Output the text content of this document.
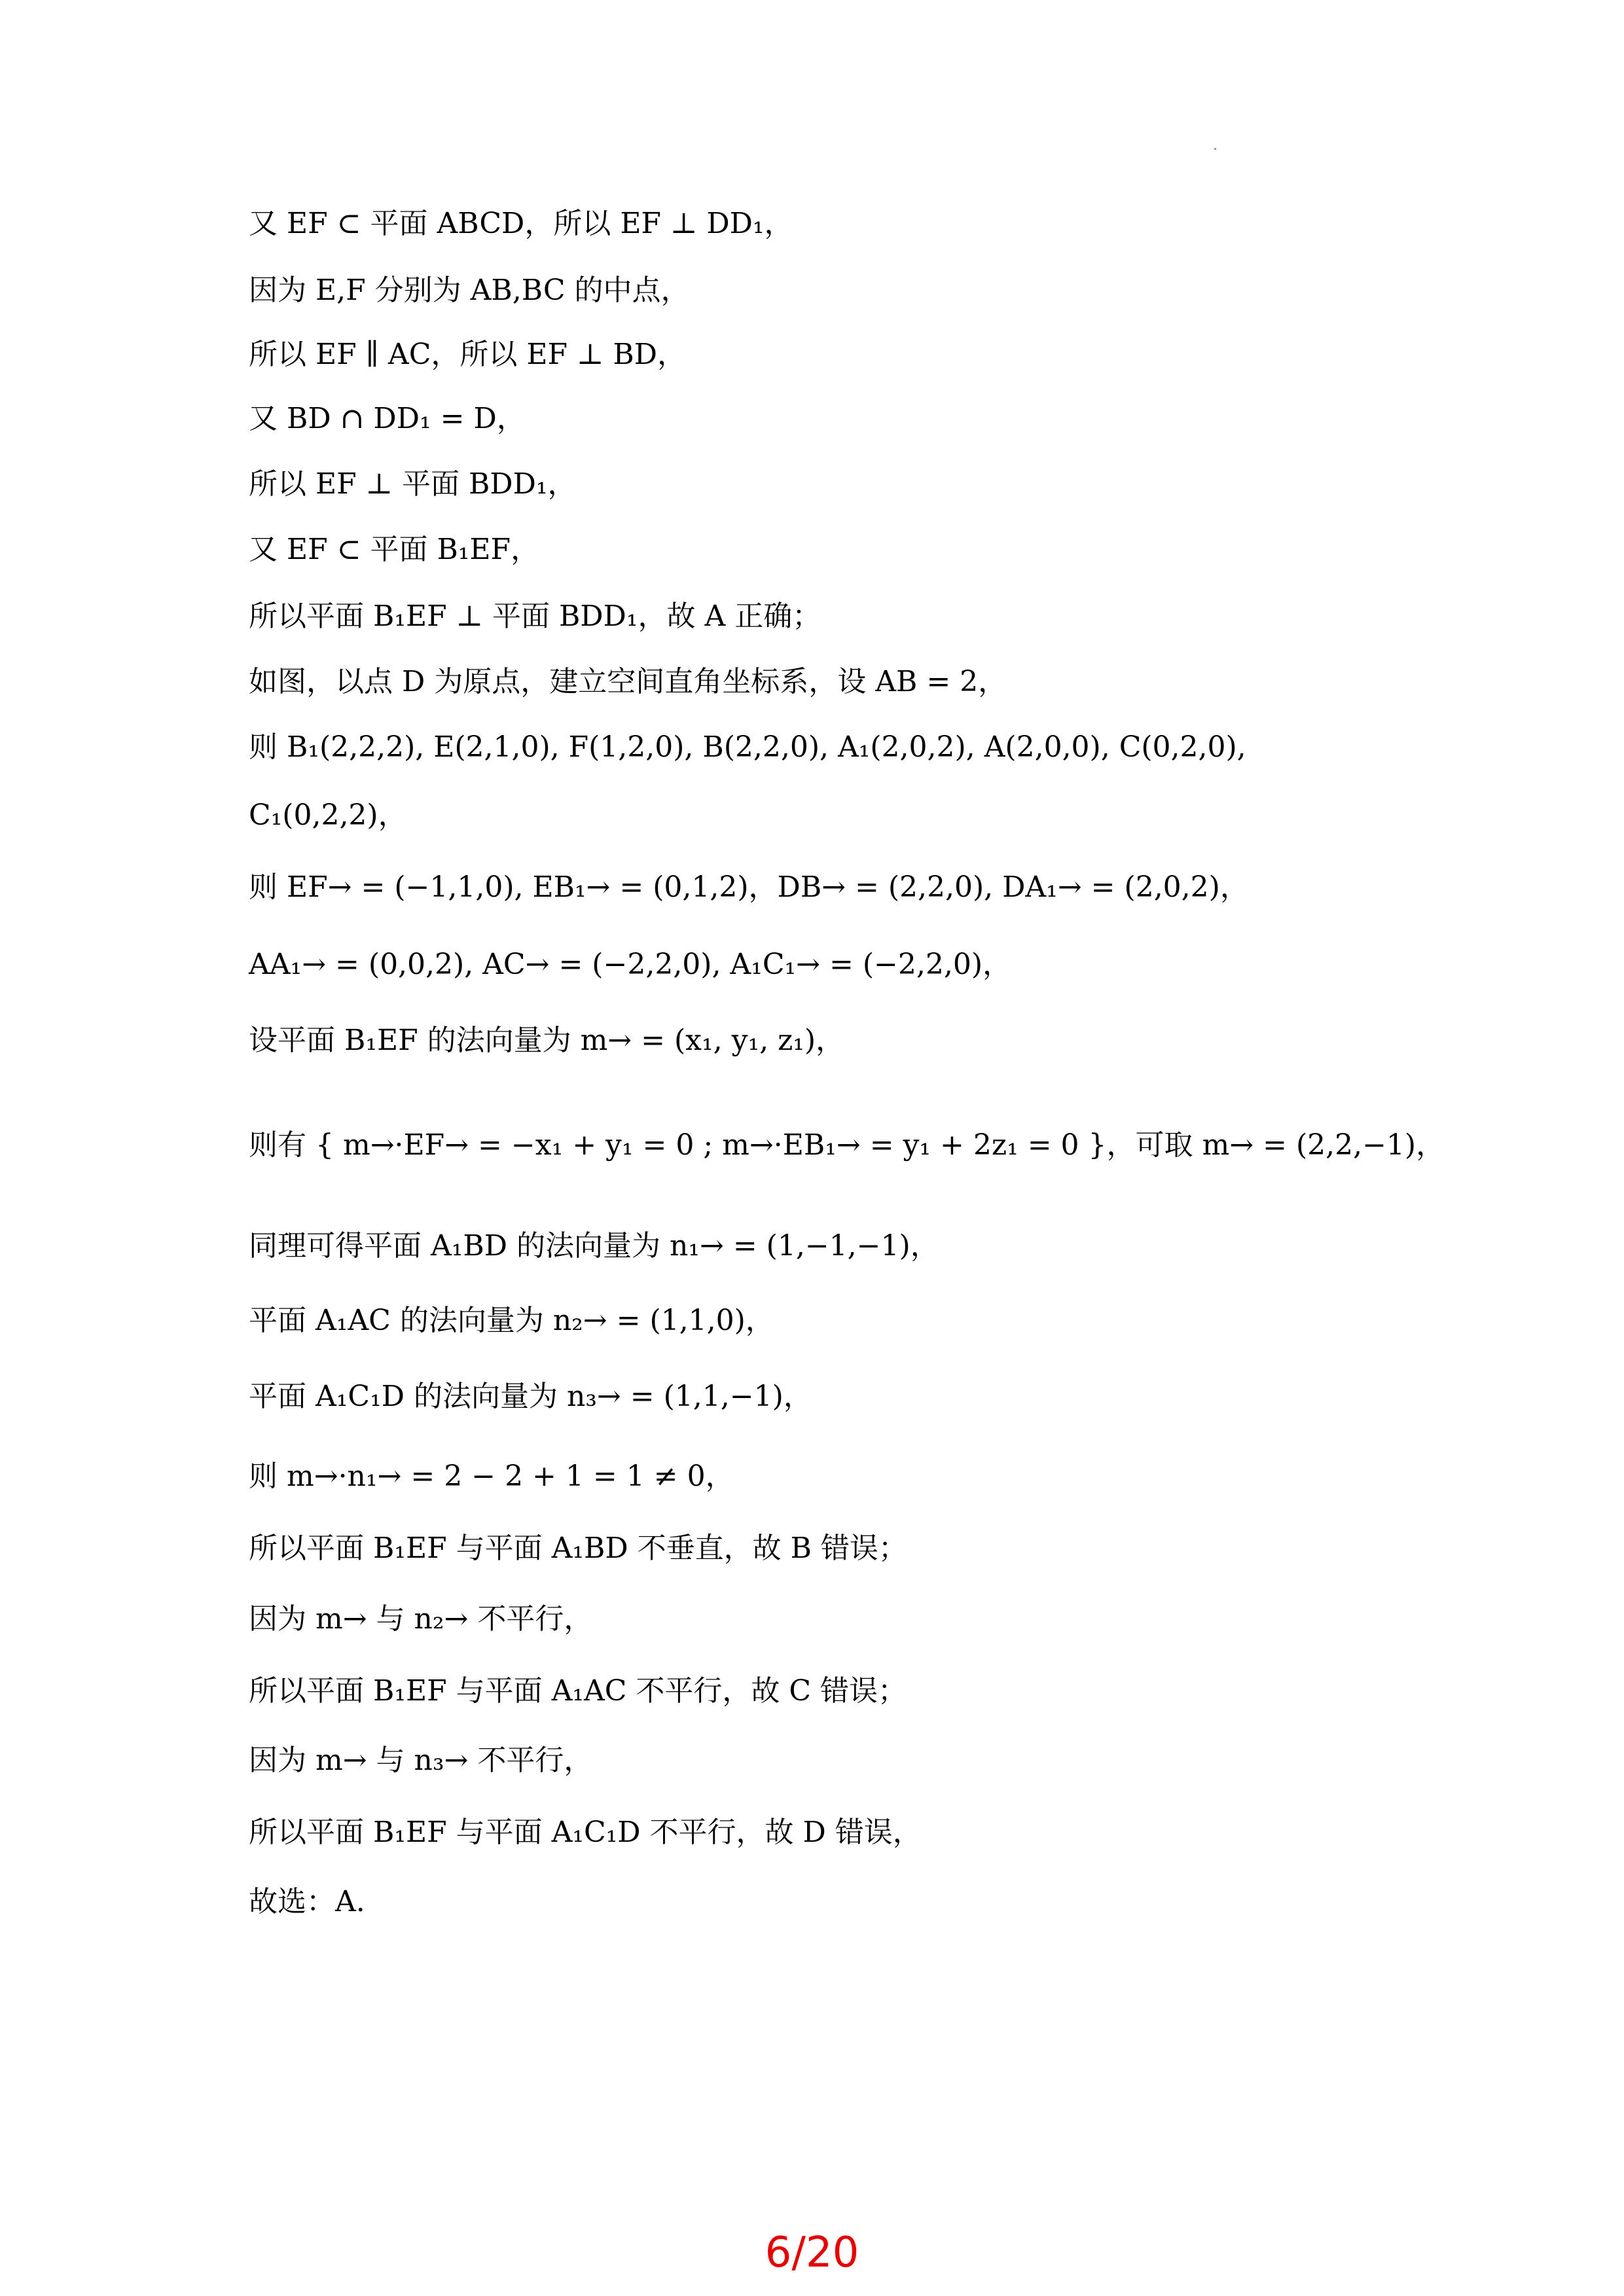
又 EF ⊂ 平面 ABCD，所以 EF ⊥ DD₁，
因为 E,F 分别为 AB,BC 的中点，
所以 EF ∥ AC，所以 EF ⊥ BD，
又 BD ∩ DD₁ = D，
所以 EF ⊥ 平面 BDD₁，
又 EF ⊂ 平面 B₁EF，
所以平面 B₁EF ⊥ 平面 BDD₁，故 A 正确；
如图，以点 D 为原点，建立空间直角坐标系，设 AB = 2，
则 B₁(2,2,2), E(2,1,0), F(1,2,0), B(2,2,0), A₁(2,0,2), A(2,0,0), C(0,2,0),
C₁(0,2,2)，
则 EF→ = (−1,1,0), EB₁→ = (0,1,2)，DB→ = (2,2,0), DA₁→ = (2,0,2)，
AA₁→ = (0,0,2), AC→ = (−2,2,0), A₁C₁→ = (−2,2,0)，
设平面 B₁EF 的法向量为 m→ = (x₁, y₁, z₁)，
则有 { m→·EF→ = −x₁ + y₁ = 0 ; m→·EB₁→ = y₁ + 2z₁ = 0 }，可取 m→ = (2,2,−1)，
同理可得平面 A₁BD 的法向量为 n₁→ = (1,−1,−1)，
平面 A₁AC 的法向量为 n₂→ = (1,1,0)，
平面 A₁C₁D 的法向量为 n₃→ = (1,1,−1)，
则 m→·n₁→ = 2 − 2 + 1 = 1 ≠ 0，
所以平面 B₁EF 与平面 A₁BD 不垂直，故 B 错误；
因为 m→ 与 n₂→ 不平行，
所以平面 B₁EF 与平面 A₁AC 不平行，故 C 错误；
因为 m→ 与 n₃→ 不平行，
所以平面 B₁EF 与平面 A₁C₁D 不平行，故 D 错误，
故选：A.
6/20
